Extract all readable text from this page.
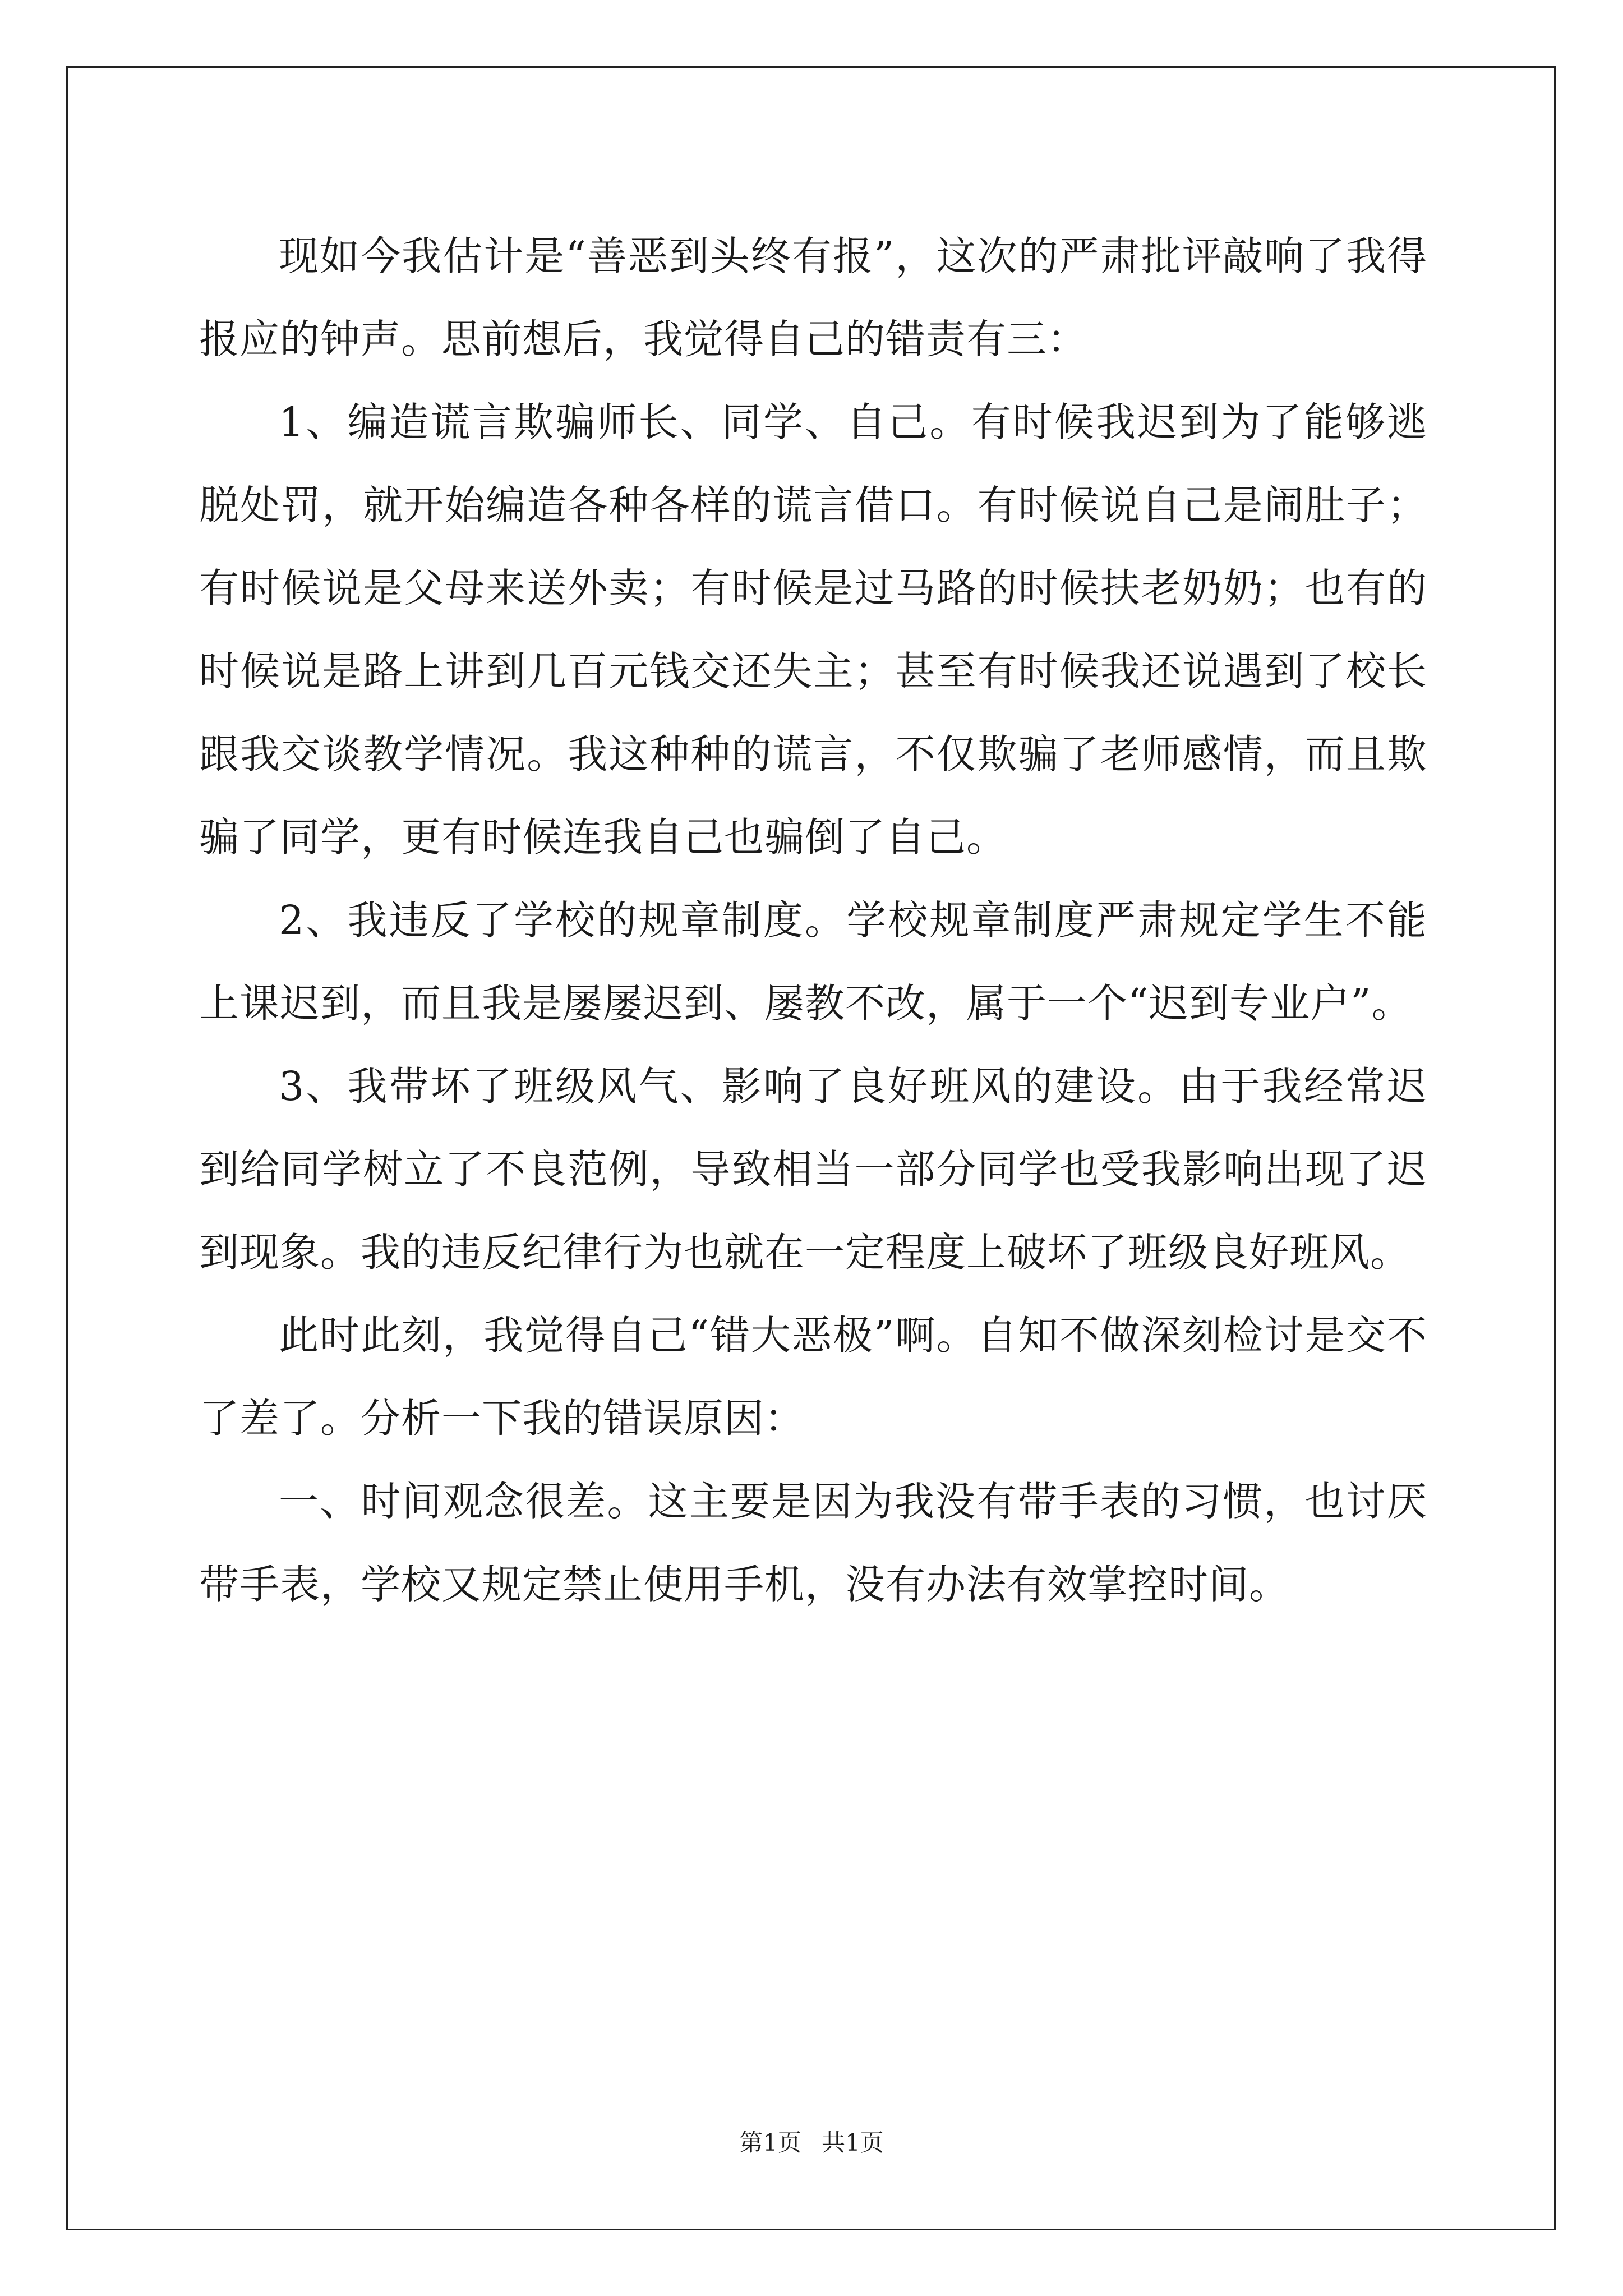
现如今我估计是“善恶到头终有报”，这次的严肃批评敲响了我得报应的钟声。思前想后，我觉得自己的错责有三：

1、编造谎言欺骗师长、同学、自己。有时候我迟到为了能够逃脱处罚，就开始编造各种各样的谎言借口。有时候说自己是闹肚子；有时候说是父母来送外卖；有时候是过马路的时候扶老奶奶；也有的时候说是路上讲到几百元钱交还失主；甚至有时候我还说遇到了校长跟我交谈教学情况。我这种种的谎言，不仅欺骗了老师感情，而且欺骗了同学，更有时候连我自己也骗倒了自己。

2、我违反了学校的规章制度。学校规章制度严肃规定学生不能上课迟到，而且我是屡屡迟到、屡教不改，属于一个“迟到专业户”。

3、我带坏了班级风气、影响了良好班风的建设。由于我经常迟到给同学树立了不良范例，导致相当一部分同学也受我影响出现了迟到现象。我的违反纪律行为也就在一定程度上破坏了班级良好班风。

此时此刻，我觉得自己“错大恶极”啊。自知不做深刻检讨是交不了差了。分析一下我的错误原因：

一、时间观念很差。这主要是因为我没有带手表的习惯，也讨厌带手表，学校又规定禁止使用手机，没有办法有效掌控时间。

第1页 共1页
